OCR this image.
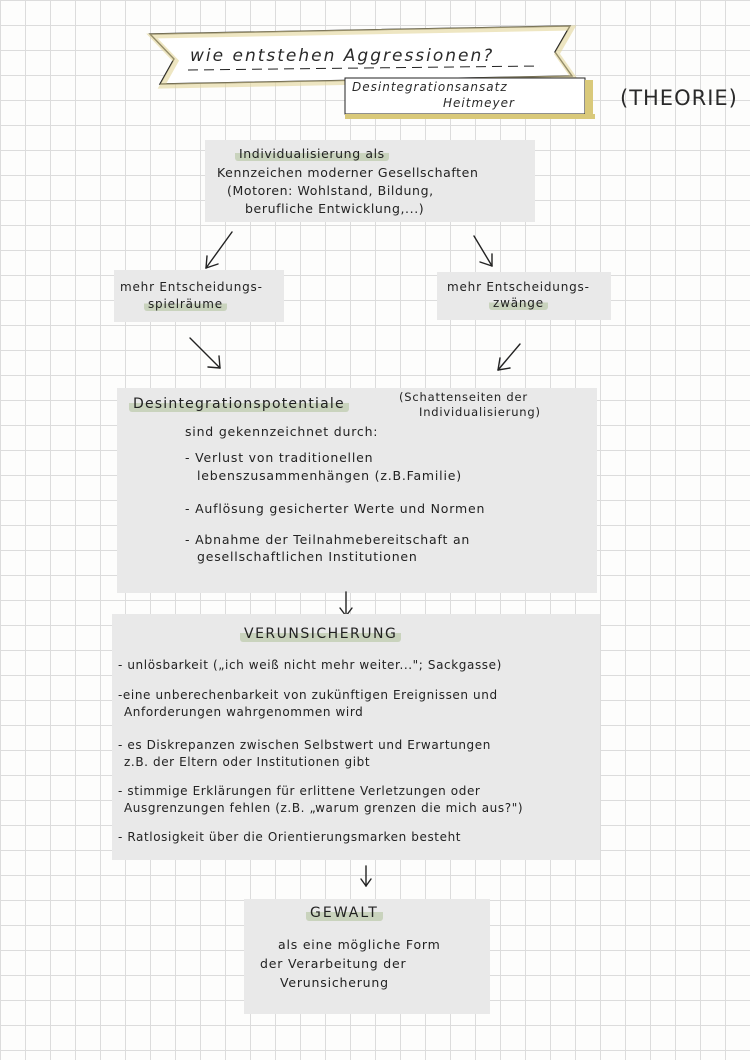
wie entstehen Aggressionen?
Desintegrationsansatz
Heitmeyer	(THEORIE)
Individualisierung als
Kennzeichen moderner Gesellschaften
(Motoren: Wohlstand, Bildung,
berufliche Entwicklung,...)
mehr Entscheidungs-
spielräume
mehr Entscheidungs-
zwänge
Desintegrationspotentiale	(Schattenseiten der
Individualisierung)
sind gekennzeichnet durch:
- Verlust von traditionellen
lebenszusammenhängen (z.B.Familie)
- Auflösung gesicherter Werte und Normen
- Abnahme der Teilnahmebereitschaft an
gesellschaftlichen Institutionen
VERUNSICHERUNG
- unlösbarkeit („ich weiß nicht mehr weiter..."; Sackgasse)
-eine unberechenbarkeit von zukünftigen Ereignissen und
Anforderungen wahrgenommen wird
- es Diskrepanzen zwischen Selbstwert und Erwartungen
z.B. der Eltern oder Institutionen gibt
- stimmige Erklärungen für erlittene Verletzungen oder
Ausgrenzungen fehlen (z.B. „warum grenzen die mich aus?")
- Ratlosigkeit über die Orientierungsmarken besteht
GEWALT
als eine mögliche Form
der Verarbeitung der
Verunsicherung
